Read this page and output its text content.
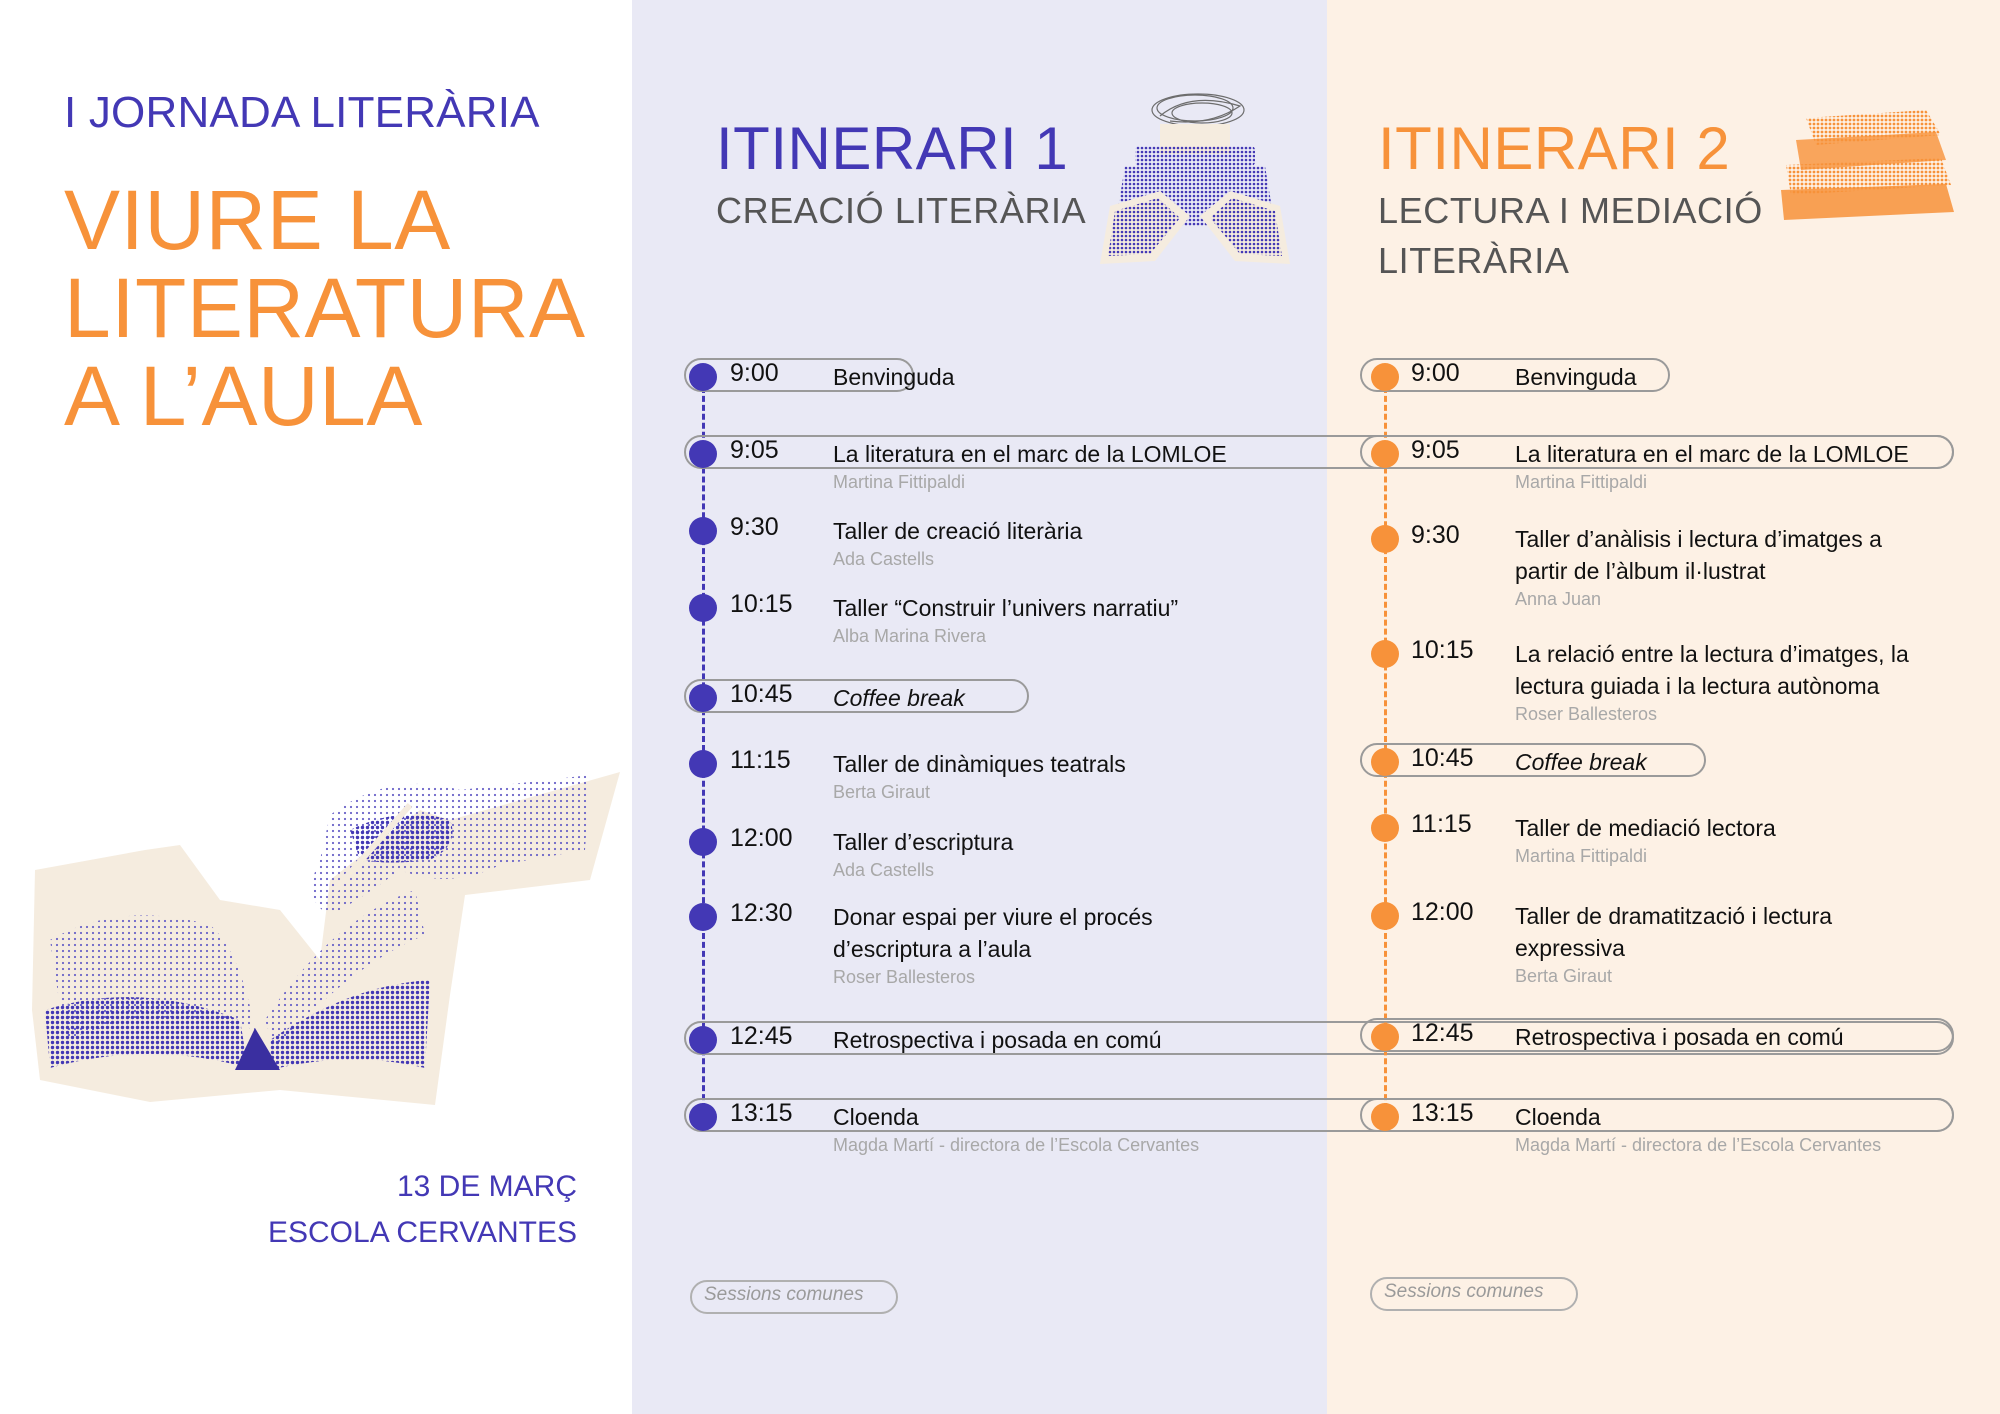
I JORNADA LITERÀRIA
VIURE LA
LITERATURA
A L’AULA
13 DE MARÇ
ESCOLA CERVANTES
ITINERARI 1
CREACIÓ LITERÀRIA
ITINERARI 2
LECTURA I MEDIACIÓ
LITERÀRIA
9:00 Benvinguda
9:05 La literatura en el marc de la LOMLOE
Martina Fittipaldi
9:30 Taller de creació literària
Ada Castells
10:15 Taller “Construir l’univers narratiu”
Alba Marina Rivera
10:45 Coffee break
11:15 Taller de dinàmiques teatrals
Berta Giraut
12:00 Taller d’escriptura
Ada Castells
12:30 Donar espai per viure el procés
d’escriptura a l’aula
Roser Ballesteros
12:45 Retrospectiva i posada en comú
13:15 Cloenda
Magda Martí - directora de l’Escola Cervantes
9:00 Benvinguda
9:05 La literatura en el marc de la LOMLOE
Martina Fittipaldi
9:30 Taller d’anàlisis i lectura d’imatges a
partir de l’àlbum il·lustrat
Anna Juan
10:15 La relació entre la lectura d’imatges, la
lectura guiada i la lectura autònoma
Roser Ballesteros
10:45 Coffee break
11:15 Taller de mediació lectora
Martina Fittipaldi
12:00 Taller de dramatització i lectura
expressiva
Berta Giraut
12:45 Retrospectiva i posada en comú
13:15 Cloenda
Magda Martí - directora de l’Escola Cervantes
Sessions comunes	Sessions comunes
